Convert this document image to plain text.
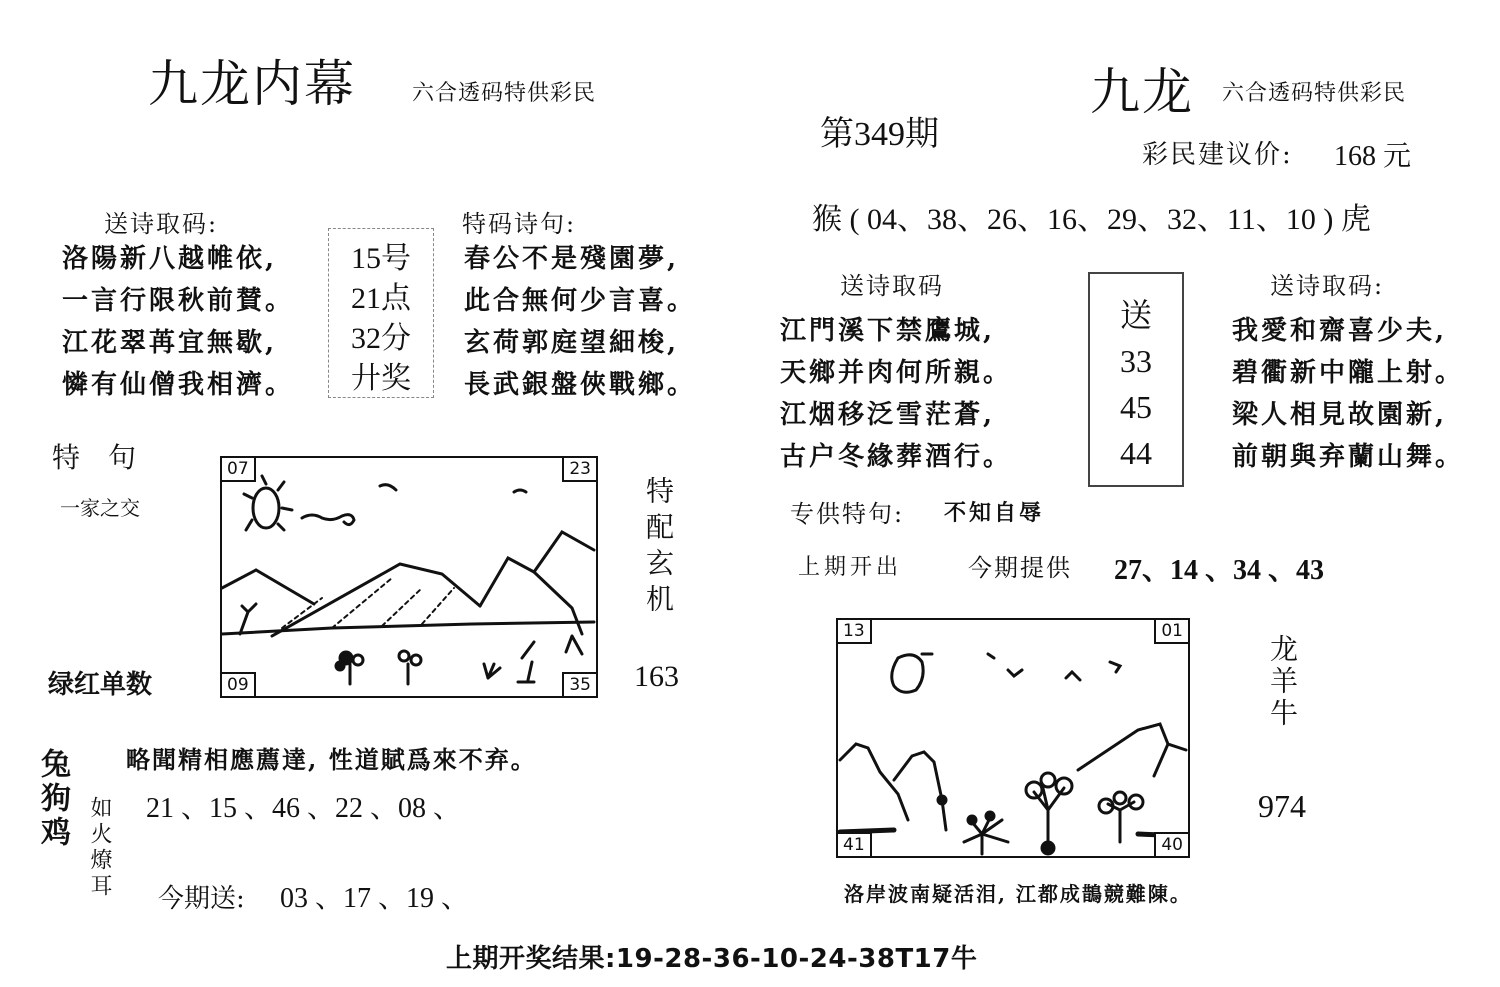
九龙内幕	六合透码特供彩民
送诗取码:
洛陽新八越帷依,
一言行限秋前賛。
江花翠苒宜無歇,
憐有仙僧我相濟。
15号
21点
32分
廾奖
特码诗句:
春公不是殘園夢,
此合無何少言喜。
玄荷郭庭望細梭,
長武銀盤俠戰鄉。
特　句
一家之交
绿红单数
07	23
09	35
特配玄机
163
兔狗鸡 如火燎耳
略聞精相應薦達, 性道賦爲來不弃。
21 、15 、46 、22 、08 、
今期送: 03 、17 、19 、
第349期
九龙 六合透码特供彩民
彩民建议价: 168 元
猴 ( 04、38、26、16、29、32、11、10 ) 虎
送诗取码
江門溪下禁鷹城,
天鄉并肉何所親。
江烟移泛雪茫蒼,
古户冬緣葬酒行。
送
33
45
44
送诗取码:
我愛和齋喜少夫,
碧衢新中隴上射。
梁人相見故園新,
前朝與弃蘭山舞。
专供特句: 不知自辱
上期开出	今期提供 27、14 、34 、43
13	01
41	40
龙羊牛
974
洛岸波南疑活泪, 江都成鵲競難陳。
上期开奖结果:19-28-36-10-24-38T17牛
